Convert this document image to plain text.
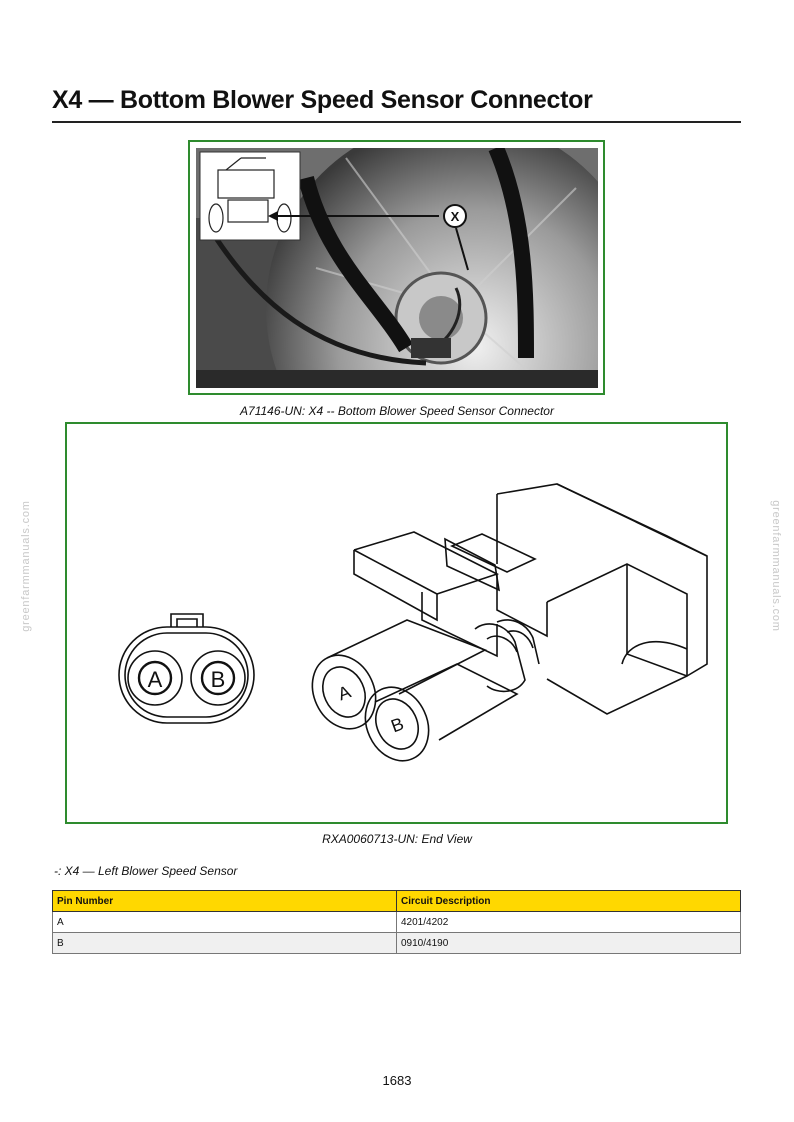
X4 — Bottom Blower Speed Sensor Connector
X
A71146-UN: X4 -- Bottom Blower Speed Sensor Connector
A B
A
B
RXA0060713-UN: End View
greenfarmmanuals.com	greenfarmmanuals.com
-: X4 — Left Blower Speed Sensor
Pin Number	Circuit Description
A	4201/4202
B	0910/4190
1683
